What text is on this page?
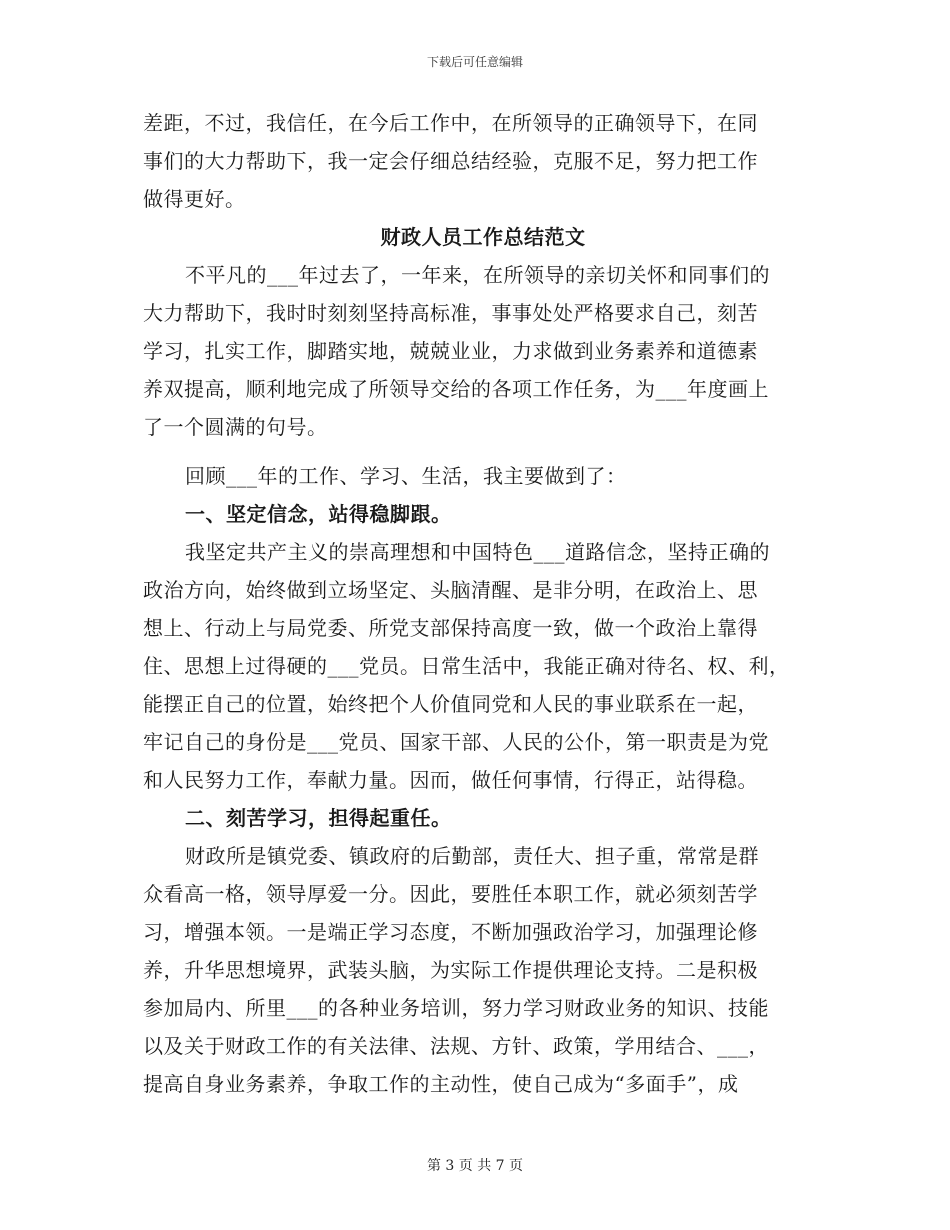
下载后可任意编辑
差距，不过，我信任，在今后工作中，在所领导的正确领导下，在同
事们的大力帮助下，我一定会仔细总结经验，克服不足，努力把工作
做得更好。
财政人员工作总结范文
不平凡的___年过去了，一年来，在所领导的亲切关怀和同事们的
大力帮助下，我时时刻刻坚持高标准，事事处处严格要求自己，刻苦
学习，扎实工作，脚踏实地，兢兢业业，力求做到业务素养和道德素
养双提高，顺利地完成了所领导交给的各项工作任务，为___年度画上
了一个圆满的句号。
回顾___年的工作、学习、生活，我主要做到了：
一、坚定信念，站得稳脚跟。
我坚定共产主义的崇高理想和中国特色___道路信念，坚持正确的
政治方向，始终做到立场坚定、头脑清醒、是非分明，在政治上、思
想上、行动上与局党委、所党支部保持高度一致，做一个政治上靠得
住、思想上过得硬的___党员。日常生活中，我能正确对待名、权、利，
能摆正自己的位置，始终把个人价值同党和人民的事业联系在一起，
牢记自己的身份是___党员、国家干部、人民的公仆，第一职责是为党
和人民努力工作，奉献力量。因而，做任何事情，行得正，站得稳。
二、刻苦学习，担得起重任。
财政所是镇党委、镇政府的后勤部，责任大、担子重，常常是群
众看高一格，领导厚爱一分。因此，要胜任本职工作，就必须刻苦学
习，增强本领。一是端正学习态度，不断加强政治学习，加强理论修
养，升华思想境界，武装头脑，为实际工作提供理论支持。二是积极
参加局内、所里___的各种业务培训，努力学习财政业务的知识、技能
以及关于财政工作的有关法律、法规、方针、政策，学用结合、___，
提高自身业务素养，争取工作的主动性，使自己成为“多面手”，成
第 3 页 共 7 页
